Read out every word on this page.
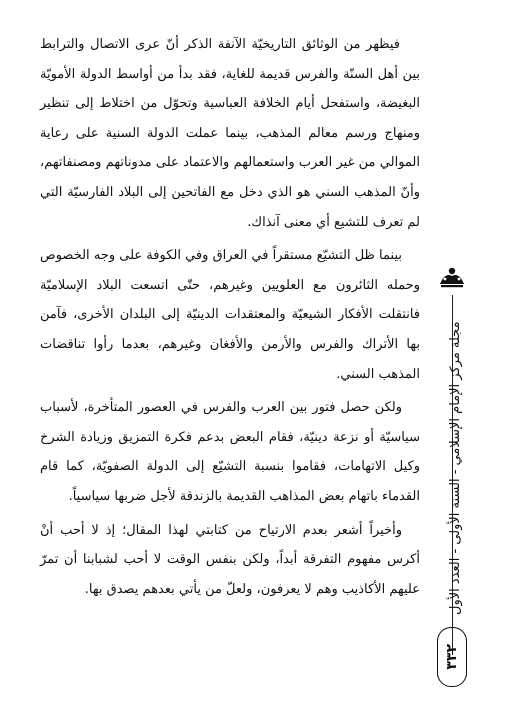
فيظهر من الوثائق التاريخيّة الآنفة الذكر أنّ عرى الاتصال والترابط بين أهل السنّة والفرس قديمة للغاية، فقد بدأ من أواسط الدولة الأمويّة البغيضة، واستفحل أيام الخلافة العباسية وتحوّل من اختلاط إلى تنظير ومنهاج ورسم معالم المذهب، بينما عملت الدولة السنية على رعاية الموالي من غير العرب واستعمالهم والاعتماد على مدوناتهم ومصنفاتهم، وأنّ المذهب السني هو الذي دخل مع الفاتحين إلى البلاد الفارسيّة التي لم تعرف للتشيع أي معنى آنذاك.

بينما ظل التشيّع مستقراً في العراق وفي الكوفة على وجه الخصوص وحمله الثائرون مع العلويين وغيرهم، حتّى اتسعت البلاد الإسلاميّة فانتقلت الأفكار الشيعيّة والمعتقدات الدينيّة إلى البلدان الأخرى، فآمن بها الأتراك والفرس والأرمن والأفغان وغيرهم، بعدما رأوا تناقضات المذهب السني.

ولكن حصل فتور بين العرب والفرس في العصور المتأخرة، لأسباب سياسيّة أو نزعة دينيّة، فقام البعض بدعم فكرة التمزيق وزيادة الشرخ وكيل الاتهامات، فقاموا بنسبة التشيّع إلى الدولة الصفويّة، كما قام القدماء باتهام بعض المذاهب القديمة بالزندقة لأجل ضربها سياسياً.

وأخيراً أشعر بعدم الارتياح من كتابتي لهذا المقال؛ إذ لا أحب أنْ أكرس مفهوم التفرقة أبداً، ولكن بنفس الوقت لا أحب لشبابنا أن تمرّ عليهم الأكاذيب وهم لا يعرفون، ولعلّ من يأتي بعدهم يصدق بها. مجلة مركز الإمام الإسلامي - السنة الأولى - العدد الأول
٣٣٢
